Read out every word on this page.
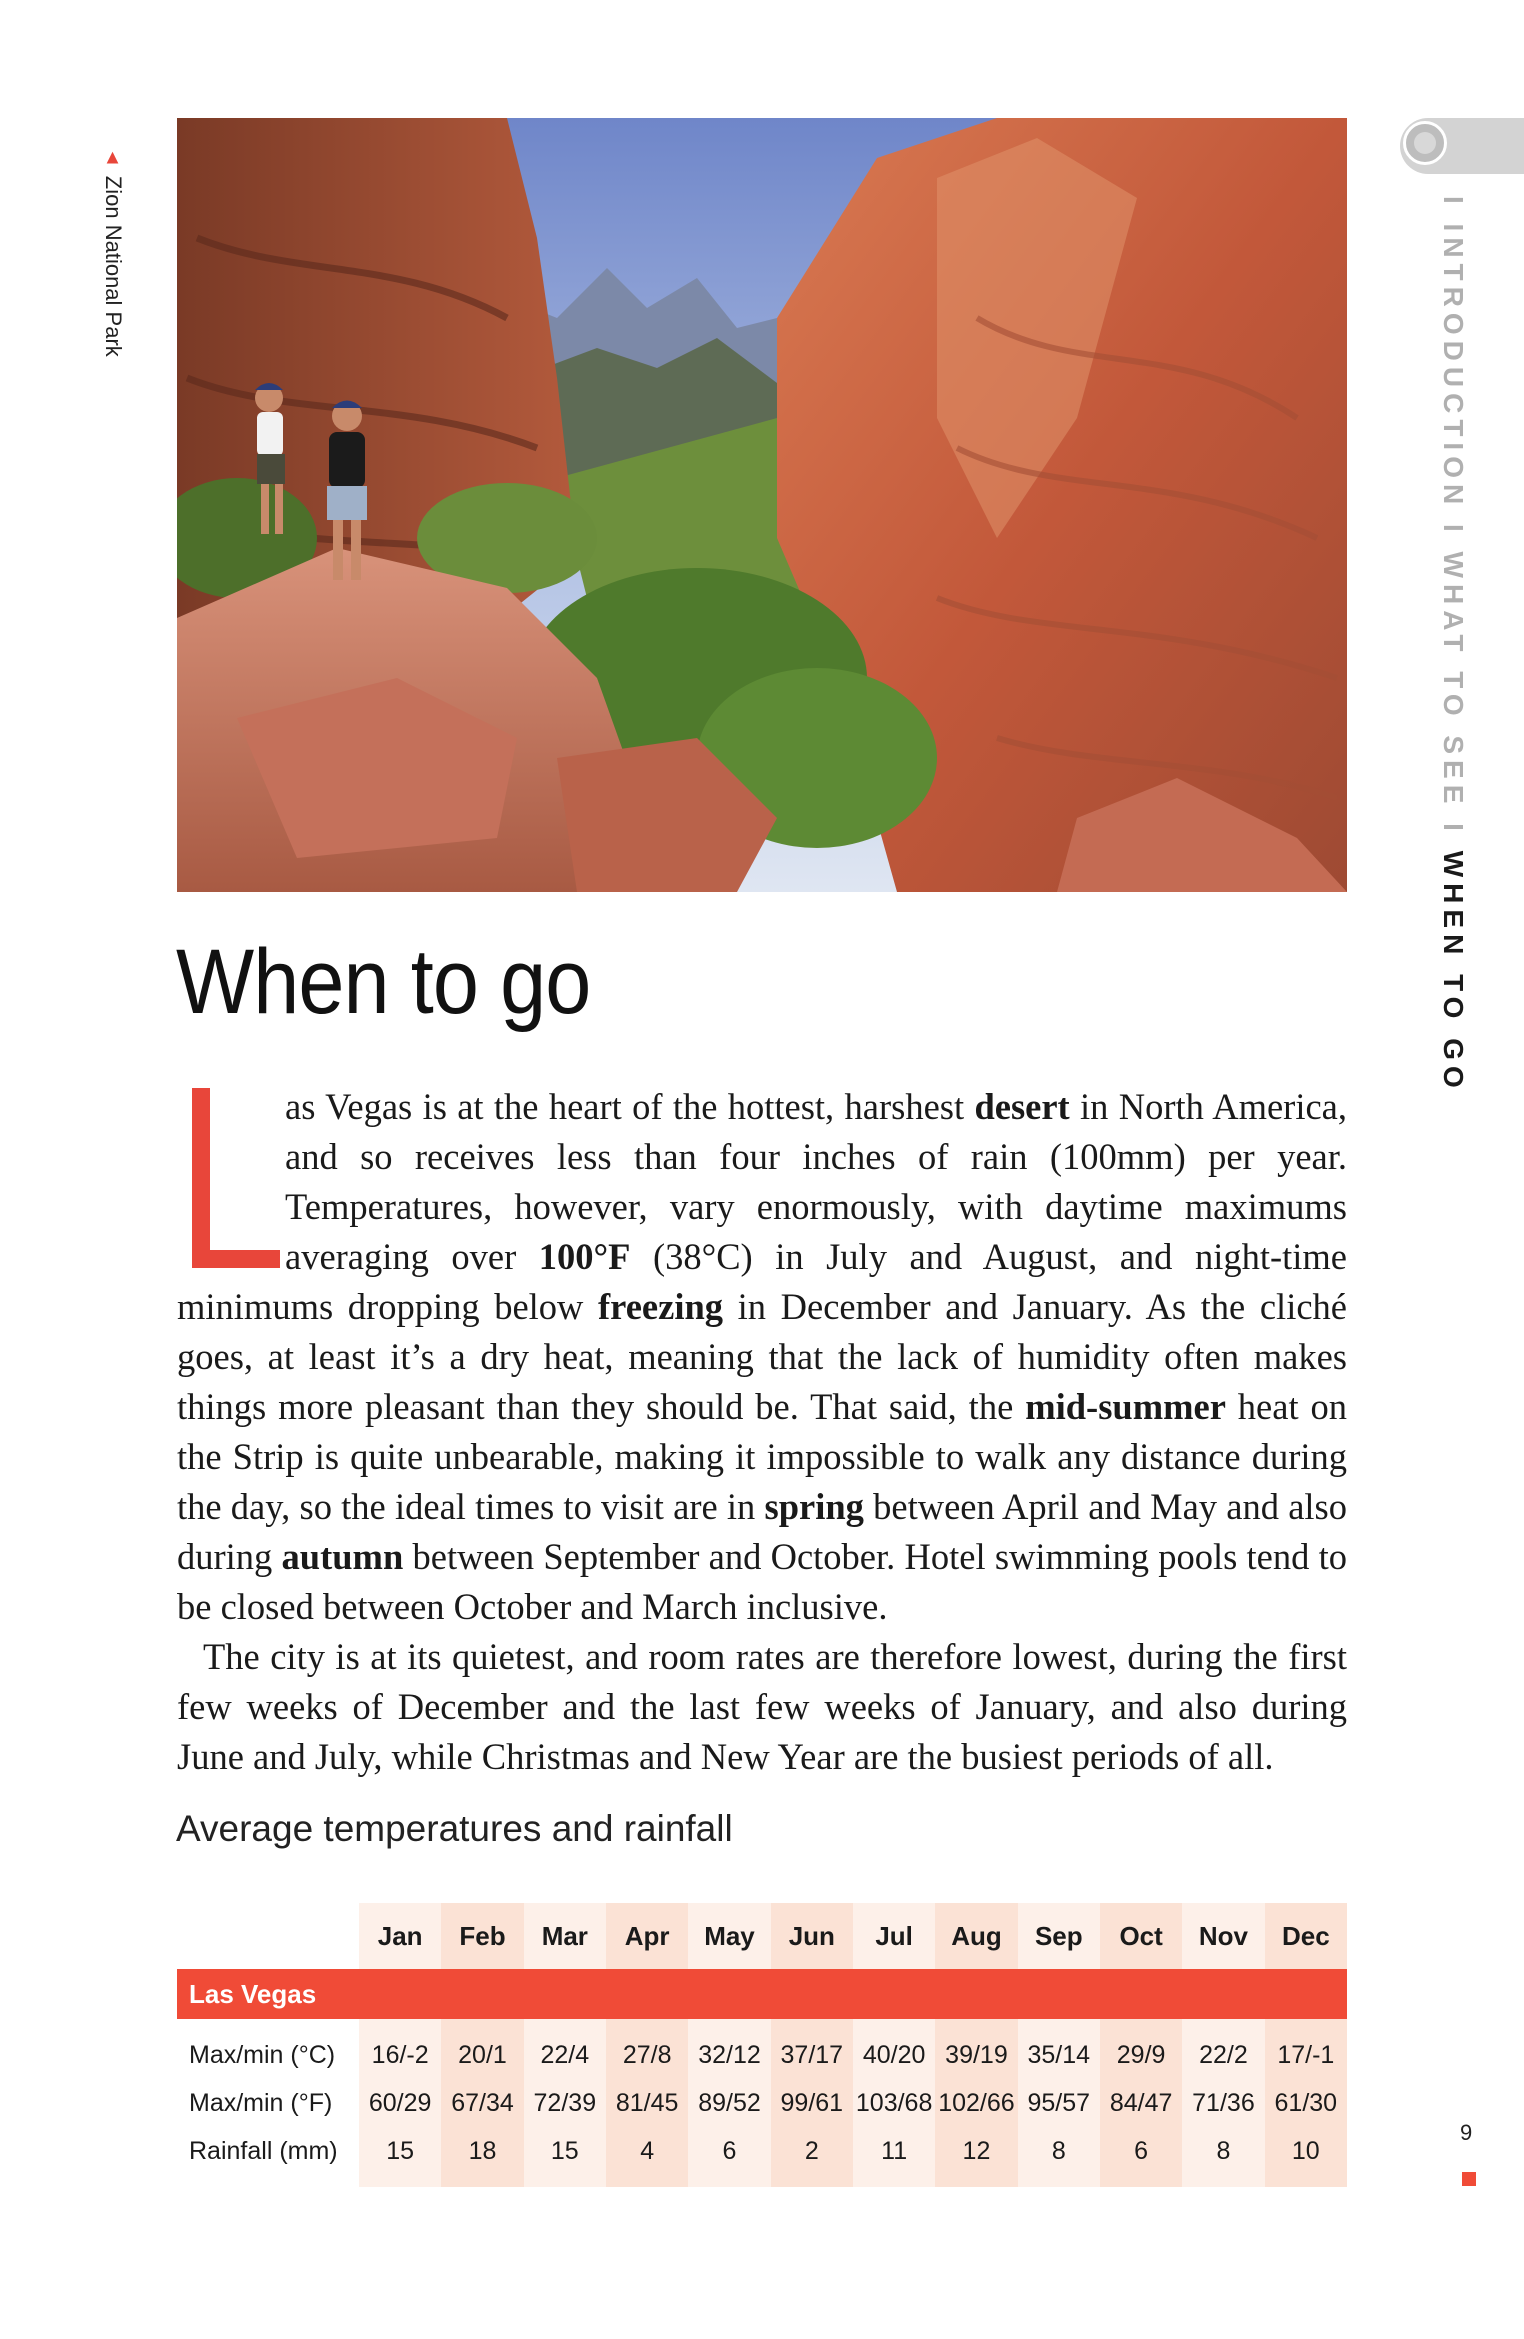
▲
Zion National Park	I INTRODUCTION I WHAT TO SEE I WHEN TO GO
When to go

as Vegas is at the heart of the hottest, harshest desert in North America, and so receives less than four inches of rain (100mm) per year. Temperatures, however, vary enormously, with daytime maximums averaging over 100°F (38°C) in July and August, and night-time minimums dropping below freezing in December and January. As the cliché goes, at least it’s a dry heat, meaning that the lack of humidity often makes things more pleasant than they should be. That said, the mid-summer heat on the Strip is quite unbearable, making it impossible to walk any distance during the day, so the ideal times to visit are in spring between April and May and also during autumn between September and October. Hotel swimming pools tend to be closed between October and March inclusive.

The city is at its quietest, and room rates are therefore lowest, during the first few weeks of December and the last few weeks of January, and also during June and July, while Christmas and New Year are the busiest periods of all.

Average temperatures and rainfall
	Jan	Feb	Mar	Apr	May	Jun	Jul	Aug	Sep	Oct	Nov	Dec
Las Vegas												

Max/min (°C)	16/-2	20/1	22/4	27/8	32/12	37/17	40/20	39/19	35/14	29/9	22/2	17/-1
Max/min (°F)	60/29	67/34	72/39	81/45	89/52	99/61	103/68	102/66	95/57	84/47	71/36	61/30
Rainfall (mm)	15	18	15	4	6	2	11	12	8	6	8	10

9
